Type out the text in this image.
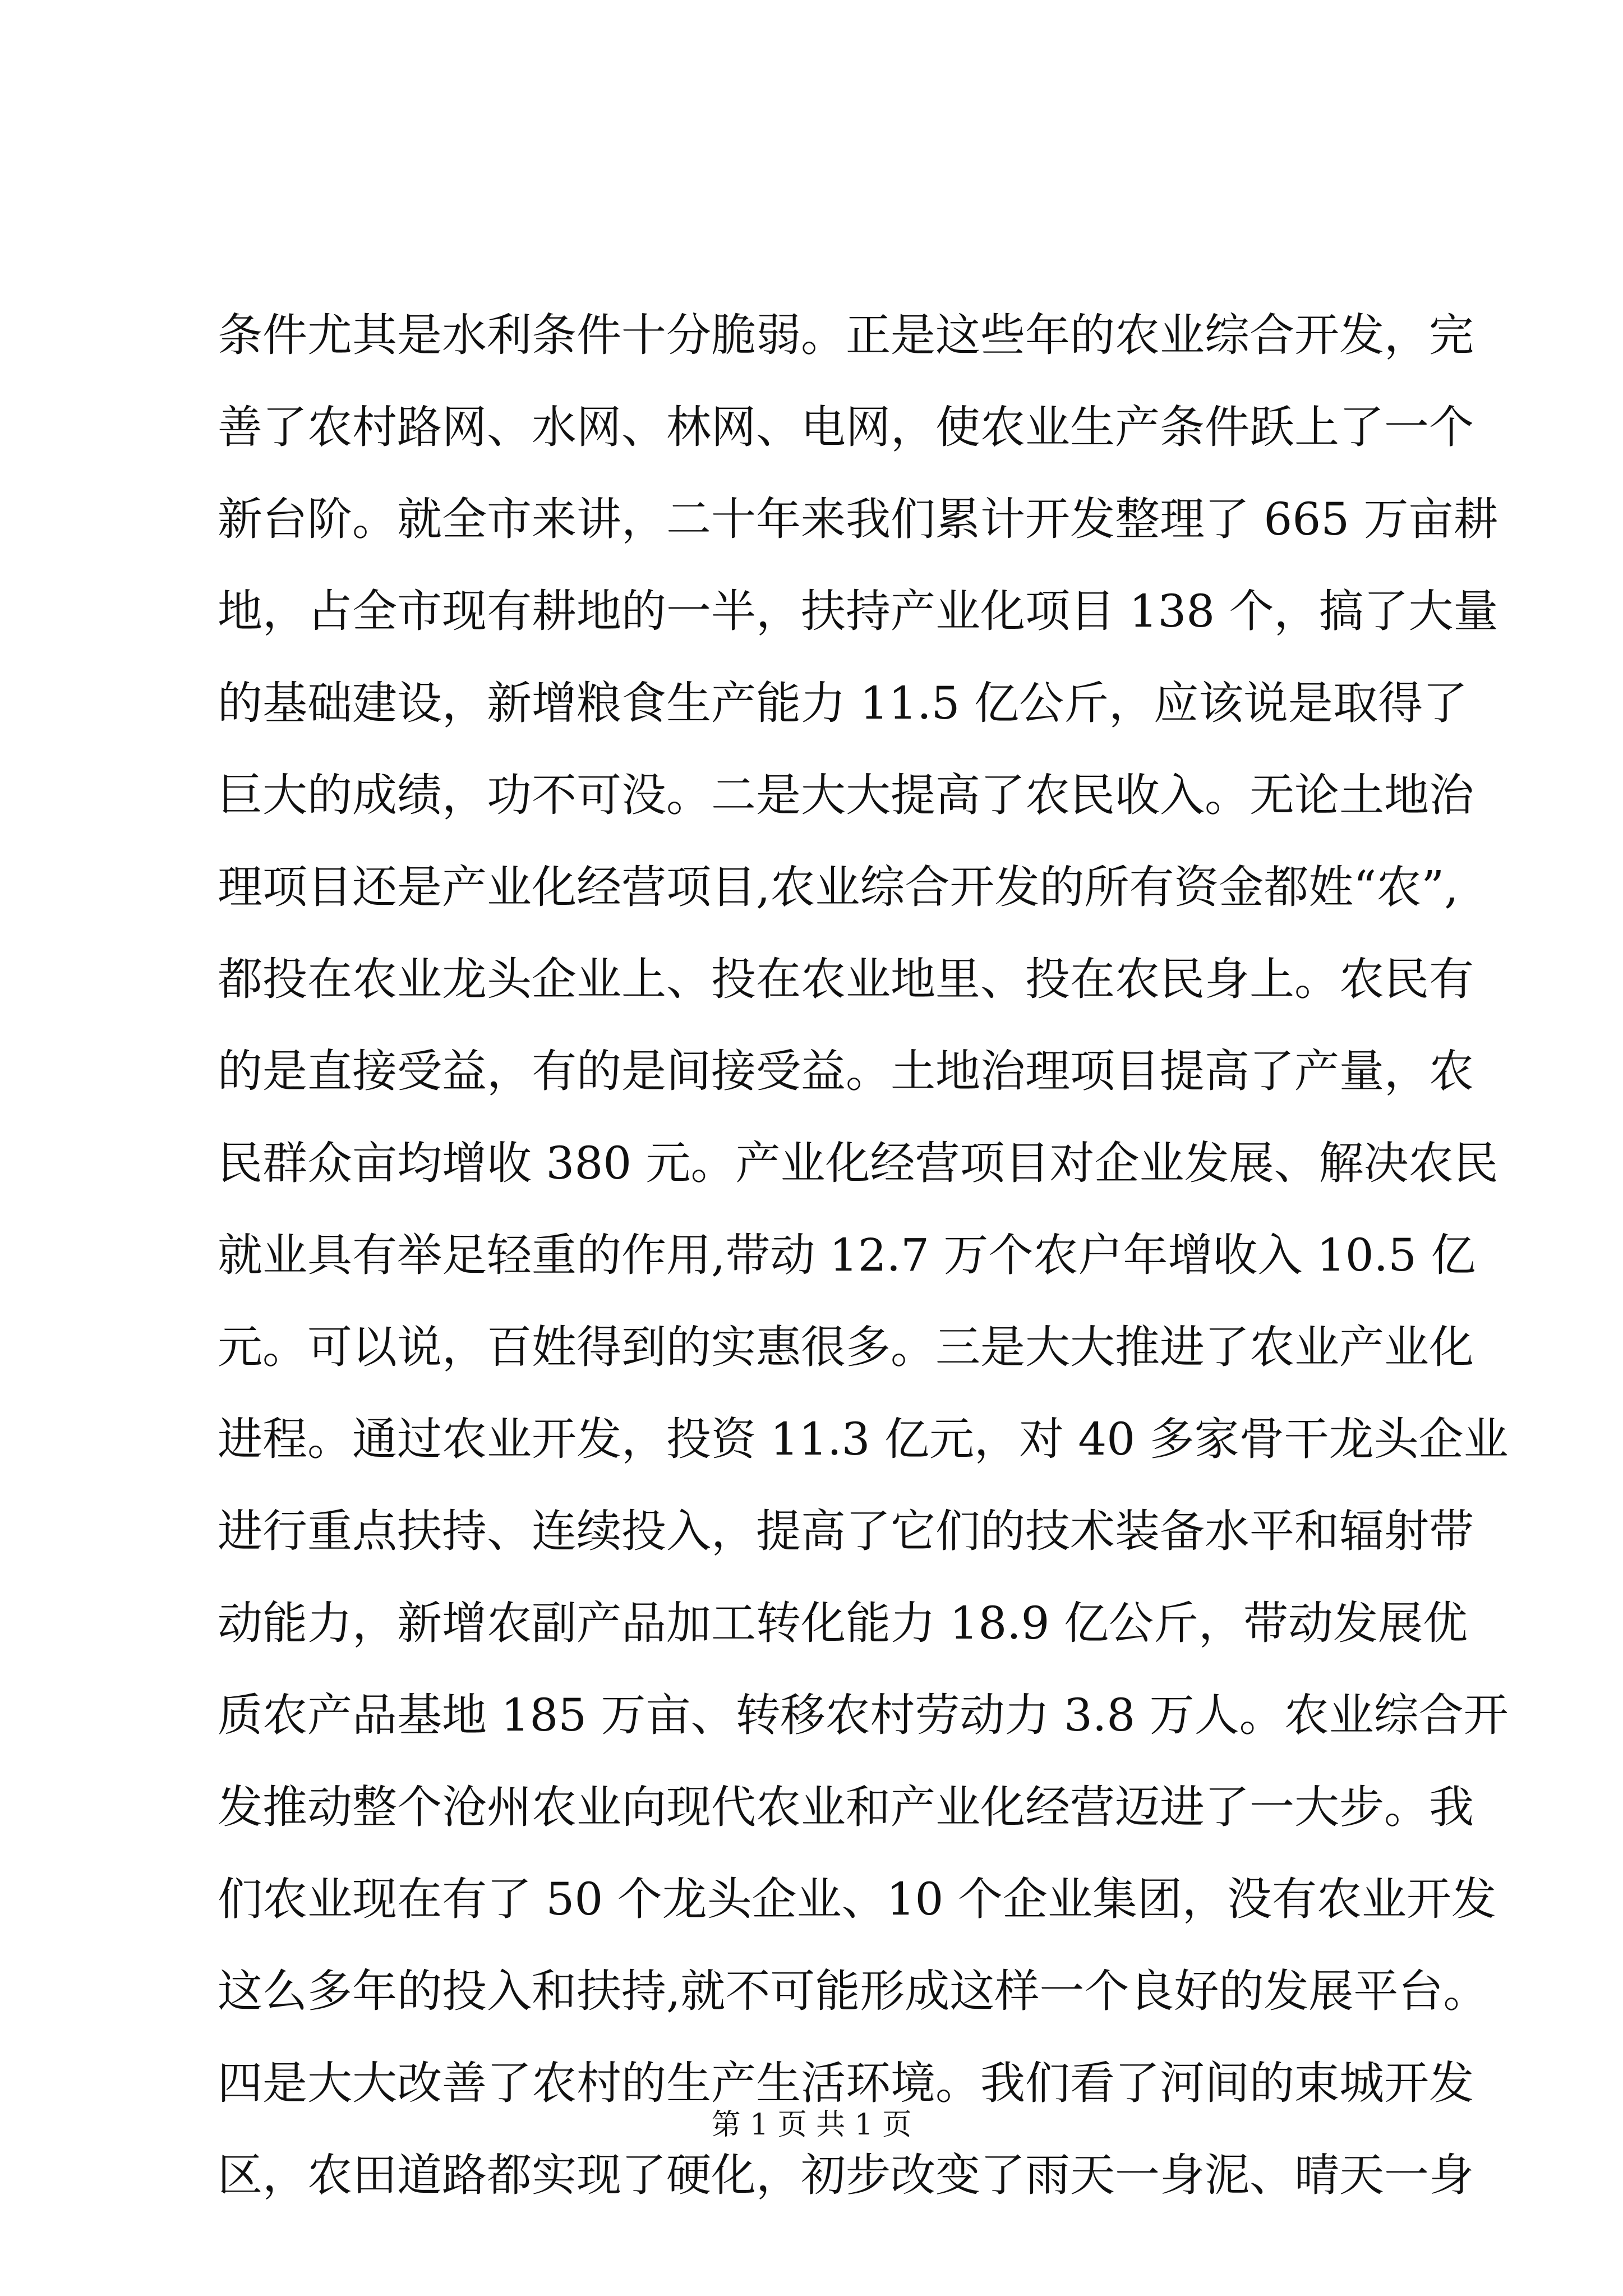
条件尤其是水利条件十分脆弱。正是这些年的农业综合开发，完
善了农村路网、水网、林网、电网，使农业生产条件跃上了一个
新台阶。就全市来讲，二十年来我们累计开发整理了 665 万亩耕
地，占全市现有耕地的一半，扶持产业化项目 138 个，搞了大量
的基础建设，新增粮食生产能力 11.5 亿公斤，应该说是取得了
巨大的成绩，功不可没。二是大大提高了农民收入。无论土地治
理项目还是产业化经营项目,农业综合开发的所有资金都姓“农”,
都投在农业龙头企业上、投在农业地里、投在农民身上。农民有
的是直接受益，有的是间接受益。土地治理项目提高了产量，农
民群众亩均增收 380 元。产业化经营项目对企业发展、解决农民
就业具有举足轻重的作用,带动 12.7 万个农户年增收入 10.5 亿
元。可以说，百姓得到的实惠很多。三是大大推进了农业产业化
进程。通过农业开发，投资 11.3 亿元，对 40 多家骨干龙头企业
进行重点扶持、连续投入，提高了它们的技术装备水平和辐射带
动能力，新增农副产品加工转化能力 18.9 亿公斤，带动发展优
质农产品基地 185 万亩、转移农村劳动力 3.8 万人。农业综合开
发推动整个沧州农业向现代农业和产业化经营迈进了一大步。我
们农业现在有了 50 个龙头企业、10 个企业集团，没有农业开发
这么多年的投入和扶持,就不可能形成这样一个良好的发展平台。
四是大大改善了农村的生产生活环境。我们看了河间的束城开发
区，农田道路都实现了硬化，初步改变了雨天一身泥、晴天一身
第 1 页 共 1 页
